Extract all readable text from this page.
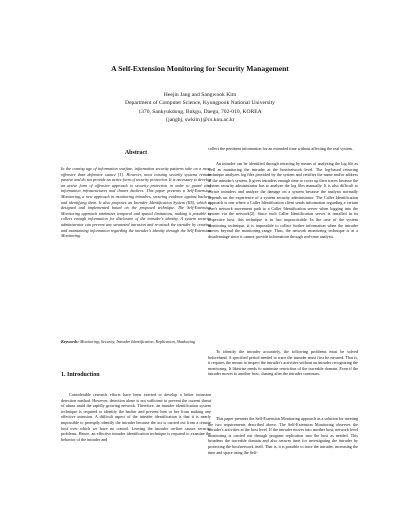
A Self-Extension Monitoring for Security Management
Heejin Jang and Sangwook Kim
Department of Computer Science, Kyungpook National University
1370, Sankyukdong, Bukgu, Daegu, 702-010, KOREA
{janghj, swkim}@cs.knu.ac.kr
Abstract
In the coming age of information warfare, information security patterns take on a more offensive than defensive stance [1]. However, most existing security systems remain passive and do not provide an active form of security protection. It is necessary to develop an active form of offensive approach to security protection in order to guard vital information infrastructures and thwart hackers. This paper presents a Self-Extension Monitoring, a new approach in monitoring intruders, securing evidence against hackers and identifying them. It also proposes an Intruder Identification System (IIS), which is designed and implemented based on the proposed technique. The Self-Extension Monitoring approach minimizes temporal and spatial limitations, making it possible to collect enough information for disclosure of the intruder's identity. A system security administrator can prevent any unwanted intrusion and re-attack the intruder by creating and maintaining information regarding the intruder's identity through the Self-Extension Monitoring.
Keywords: Monitoring, Security, Intruder Identification, Replication, Shadowing
1. Introduction
Considerable research efforts have been exerted to develop a better intrusion detection method. However, detection alone is not sufficient to prevent the current threat of abuse amid the rapidly growing network. Therefore, an intruder identification system technique is required to identify the hacker and prevent him or her from making any effective intrusion. A difficult aspect of the intruder identification is that it is nearly impossible to promptly identify the intruder because the act is carried out from a remote host over which we have no control. Leaving the intruder on-line causes security problems. Hence, an effective intruder identification technique is required to examine the behavior of the intruder and
collect the pertinent information for an extended time without affecting the real system.
An intruder can be identified through retracing by means of analyzing the log file as well as monitoring the intruder at the host/network level. The log-based retracing technique analyzes log files provided by the system and certifies the name and/or address of the intruder's system. It gives intruders enough time to cover up their traces because the system security administrator has to analyze the log files manually. It is also difficult to retrace intruders and analyze the damage on a system because the analysis normally depends on the experience of a system security administrator. The Caller Identification approach is one where a Caller Identification client sends information regarding a certain user's network movement path to a Caller Identification server when logging into the system via the network[2]. Since each Caller Identification server is installed in its respective host, this technique is in fact impracticable. In the case of the system monitoring technique, it is impossible to collect further information when the intruder moves beyond the monitoring range. Thus, the network monitoring technique is at a disadvantage since it cannot provide information through real-time analysis.
To identify the intruder accurately, the following problems must be solved beforehand. A specified period needed to trace the intruder must first be ensured. That is, it requires the means to inspect the intruder's activities without an intruder recognizing the monitoring. It likewise needs to minimize restriction of the traceable domain. Even if the intruder moves to another host, chasing after the intruder continues.
This paper presents the Self-Extension Monitoring approach as a solution for meeting the two requirements described above. The Self-Extension Monitoring observes the intruder's activities at the host level. If the intruder moves into another host, network level monitoring is carried out through program replication into the host as needed. This broadens the traceable domain and also secures time for investigating the intruder by protecting the host/network itself. That is, it is possible to trace the intruder, increasing the time and space using the Self-
